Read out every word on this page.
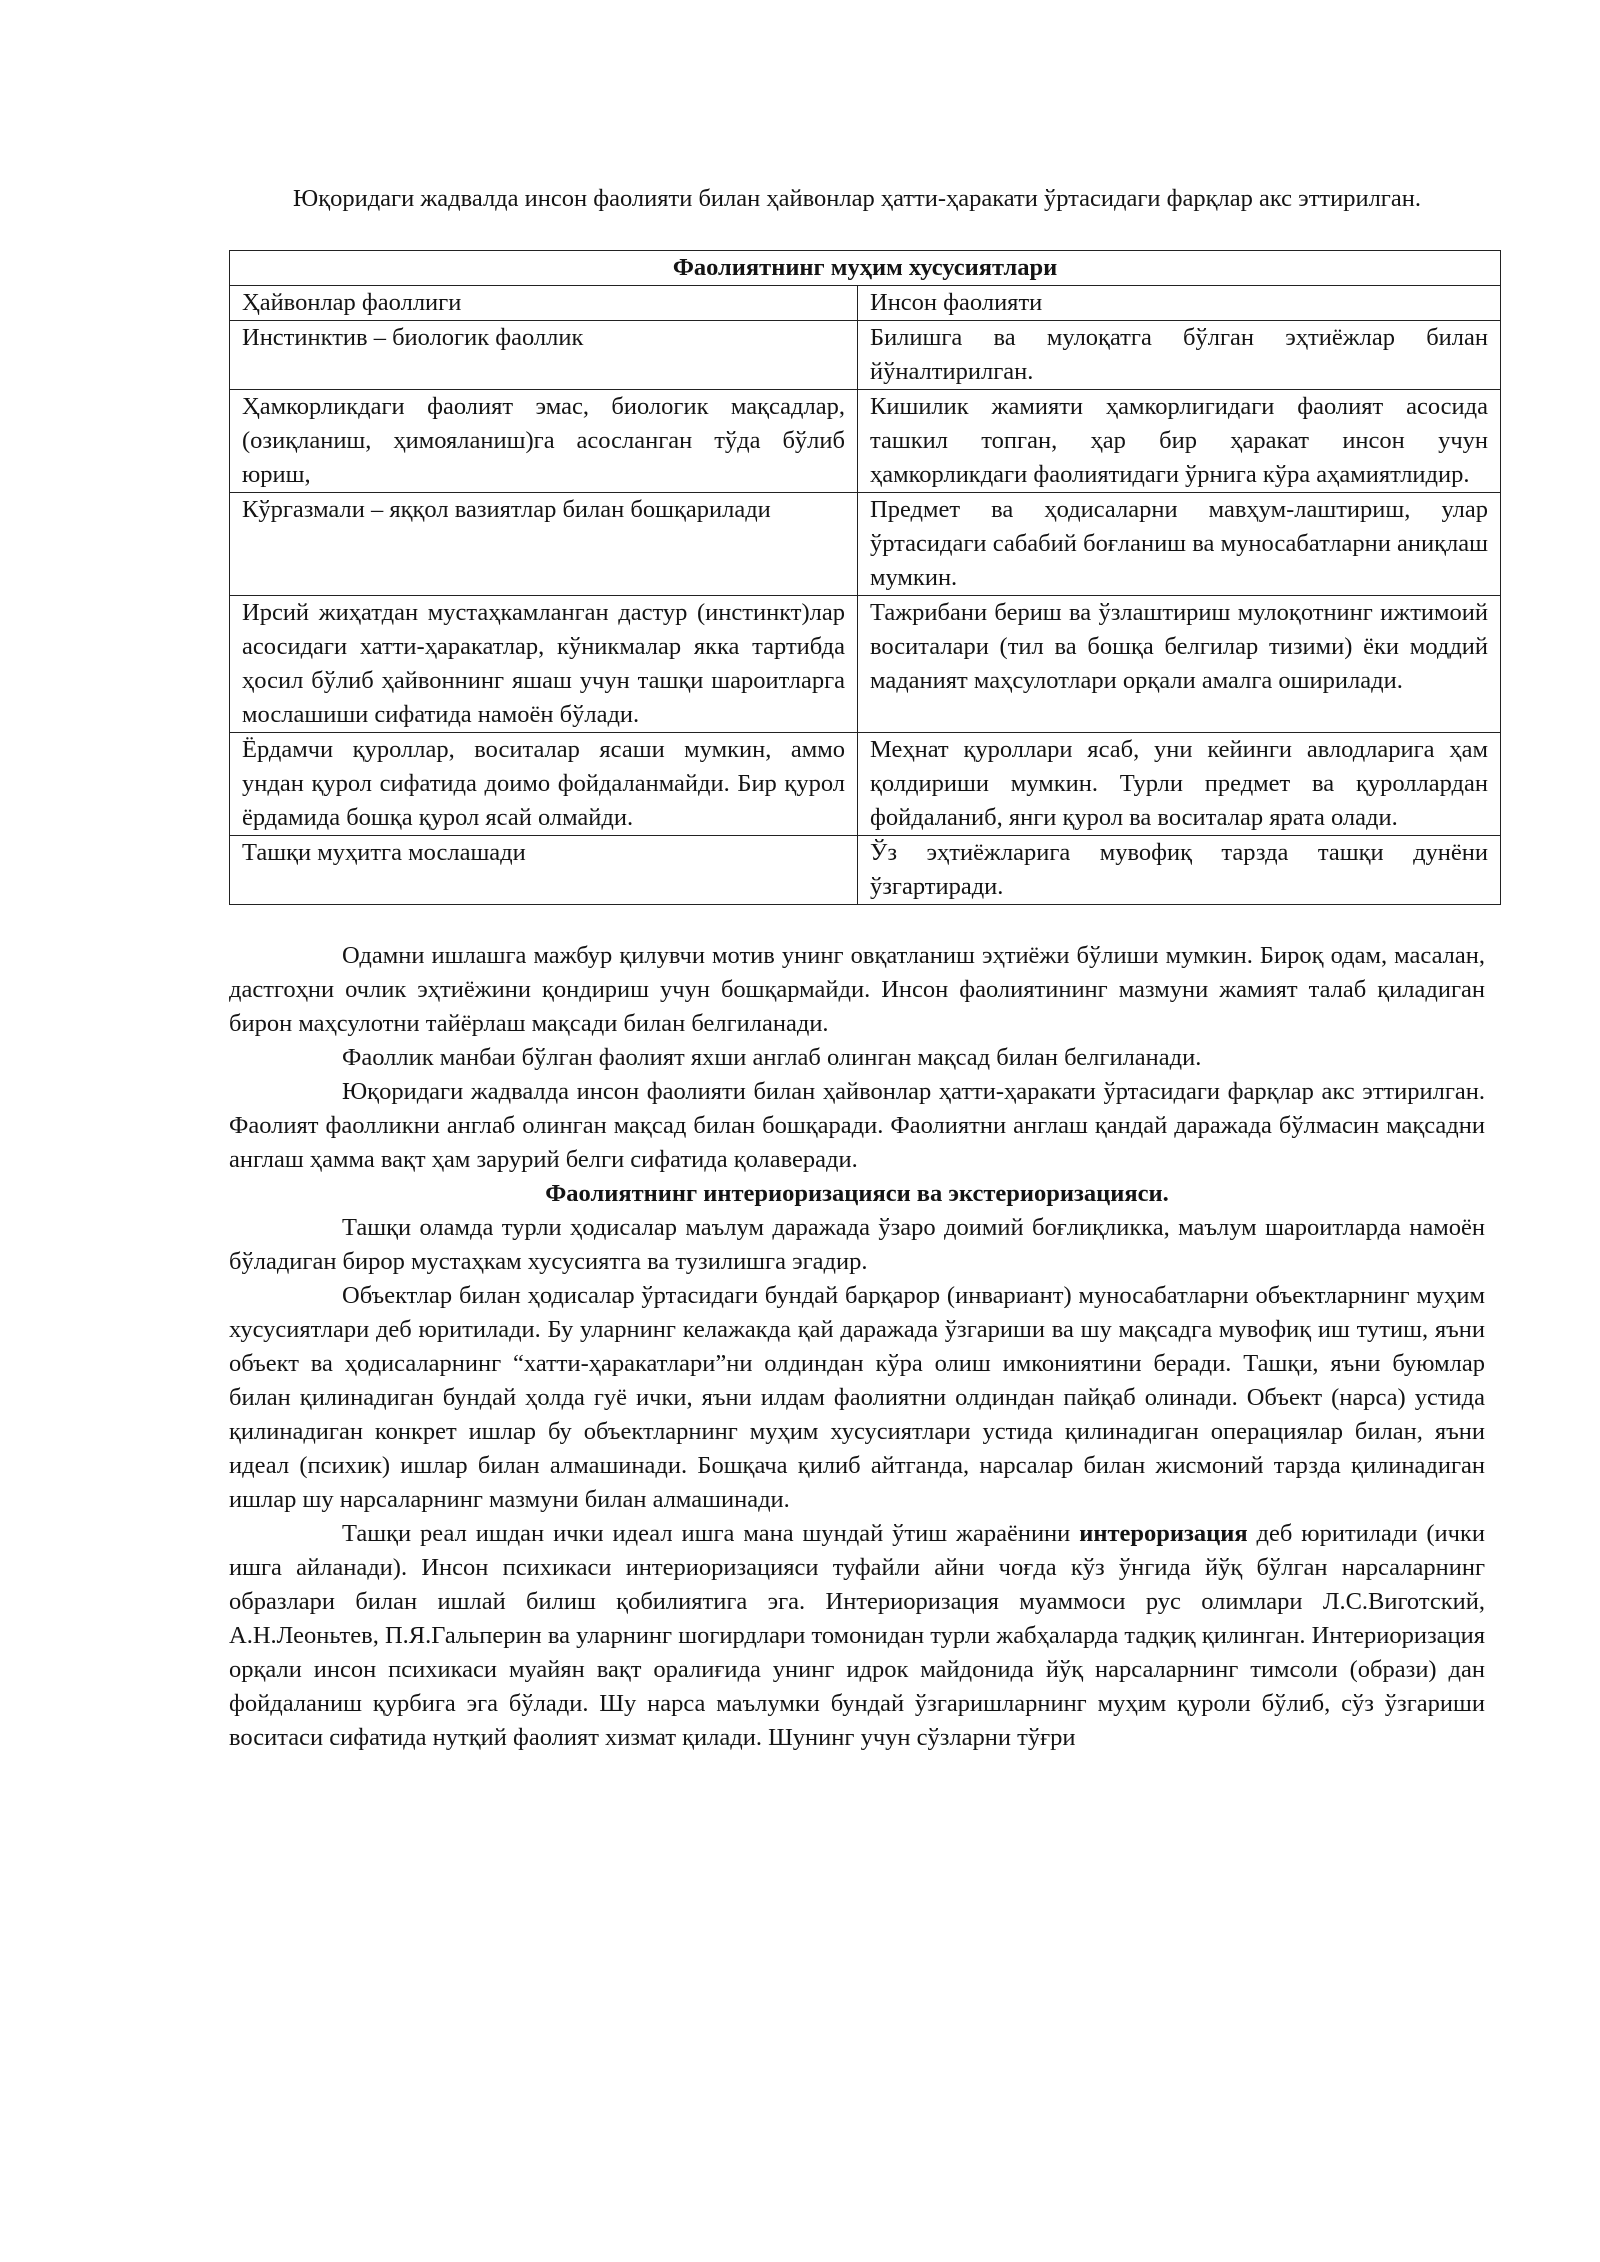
Юқоридаги жадвалда инсон фаолияти билан ҳайвонлар ҳатти-ҳаракати ўртасидаги фарқлар акс эттирилган.

Фаолиятнинг муҳим хусусиятлари	
Ҳайвонлар фаоллиги	Инсон фаолияти
Инстинктив – биологик фаоллик	Билишга ва мулоқатга бўлган эҳтиёжлар билан йўналтирилган.
Ҳамкорликдаги фаолият эмас, биологик мақсадлар, (озиқланиш, ҳимояланиш)га асосланган тўда бўлиб юриш,	Кишилик жамияти ҳамкорлигидаги фаолият асосида ташкил топган, ҳар бир ҳаракат инсон учун ҳамкорликдаги фаолиятидаги ўрнига кўра аҳамиятлидир.
Кўргазмали – яққол вазиятлар билан бошқарилади	Предмет ва ҳодисаларни мавҳум-лаштириш, улар ўртасидаги сабабий боғланиш ва муносабатларни аниқлаш мумкин.
Ирсий жиҳатдан мустаҳкамланган дастур (инстинкт)лар асосидаги хатти-ҳаракатлар, кўникмалар якка тартибда ҳосил бўлиб ҳайвоннинг яшаш учун ташқи шароитларга мослашиши сифатида намоён бўлади.	Тажрибани бериш ва ўзлаштириш мулоқотнинг ижтимоий воситалари (тил ва бошқа белгилар тизими) ёки моддий маданият маҳсулотлари орқали амалга оширилади.
Ёрдамчи қуроллар, воситалар ясаши мумкин, аммо ундан қурол сифатида доимо фойдаланмайди. Бир қурол ёрдамида бошқа қурол ясай олмайди.	Меҳнат қуроллари ясаб, уни кейинги авлодларига ҳам қолдириши мумкин. Турли предмет ва қуроллардан фойдаланиб, янги қурол ва воситалар ярата олади.
Ташқи муҳитга мослашади	Ўз эҳтиёжларига мувофиқ тарзда ташқи дунёни ўзгартиради.

Одамни ишлашга мажбур қилувчи мотив унинг овқатланиш эҳтиёжи бўлиши мумкин. Бироқ одам, масалан, дастгоҳни очлик эҳтиёжини қондириш учун бошқармайди. Инсон фаолиятининг мазмуни жамият талаб қиладиган бирон маҳсулотни тайёрлаш мақсади билан белгиланади.

Фаоллик манбаи бўлган фаолият яхши англаб олинган мақсад билан белгиланади.

Юқоридаги жадвалда инсон фаолияти билан ҳайвонлар ҳатти-ҳаракати ўртасидаги фарқлар акс эттирилган. Фаолият фаолликни англаб олинган мақсад билан бошқаради. Фаолиятни англаш қандай даражада бўлмасин мақсадни англаш ҳамма вақт ҳам зарурий белги сифатида қолаверади.

Фаолиятнинг интериоризацияси ва экстериоризацияси.

Ташқи оламда турли ҳодисалар маълум даражада ўзаро доимий боғлиқликка, маълум шароитларда намоён бўладиган бирор мустаҳкам хусусиятга ва тузилишга эгадир.

Объектлар билан ҳодисалар ўртасидаги бундай барқарор (инвариант) муносабатларни объектларнинг муҳим хусусиятлари деб юритилади. Бу уларнинг келажакда қай даражада ўзгариши ва шу мақсадга мувофиқ иш тутиш, яъни объект ва ҳодисаларнинг “хатти-ҳаракатлари”ни олдиндан кўра олиш имкониятини беради. Ташқи, яъни буюмлар билан қилинадиган бундай ҳолда гуё ички, яъни илдам фаолиятни олдиндан пайқаб олинади. Объект (нарса) устида қилинадиган конкрет ишлар бу объектларнинг муҳим хусусиятлари устида қилинадиган операциялар билан, яъни идеал (психик) ишлар билан алмашинади. Бошқача қилиб айтганда, нарсалар билан жисмоний тарзда қилинадиган ишлар шу нарсаларнинг мазмуни билан алмашинади.

Ташқи реал ишдан ички идеал ишга мана шундай ўтиш жараёнини интероризация деб юритилади (ички ишга айланади). Инсон психикаси интериоризацияси туфайли айни чоғда кўз ўнгида йўқ бўлган нарсаларнинг образлари билан ишлай билиш қобилиятига эга. Интериоризация муаммоси рус олимлари Л.С.Виготский, А.Н.Леоньтев, П.Я.Гальперин ва уларнинг шогирдлари томонидан турли жабҳаларда тадқиқ қилинган. Интериоризация орқали инсон психикаси муайян вақт оралиғида унинг идрок майдонида йўқ нарсаларнинг тимсоли (образи) дан фойдаланиш қурбига эга бўлади. Шу нарса маълумки бундай ўзгаришларнинг муҳим қуроли бўлиб, сўз ўзгариши воситаси сифатида нутқий фаолият хизмат қилади. Шунинг учун сўзларни тўғри
